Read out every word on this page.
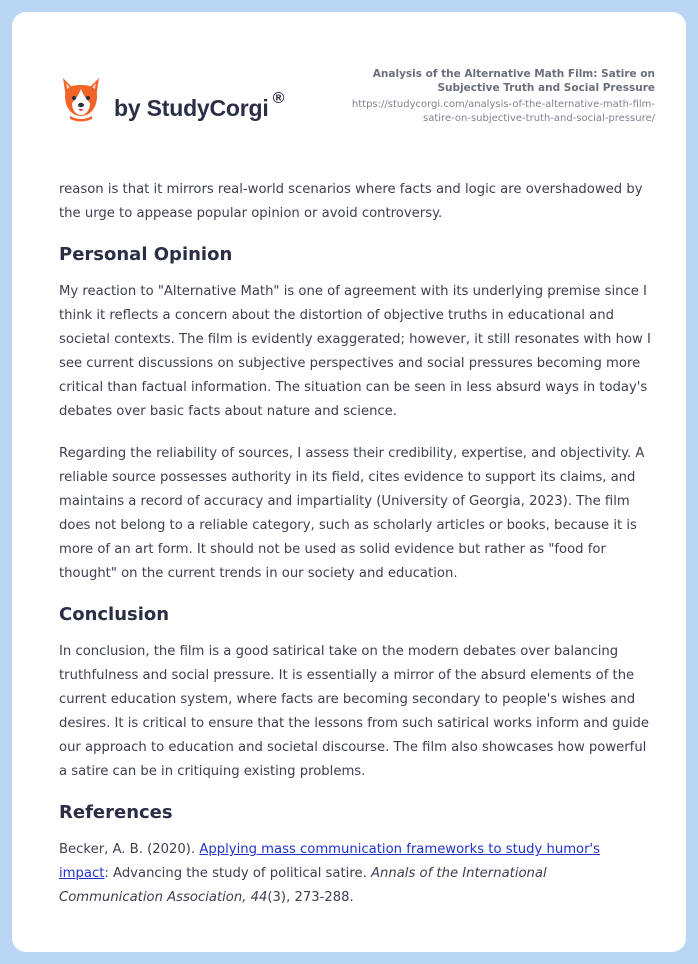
by StudyCorgi ®
Analysis of the Alternative Math Film: Satire on
Subjective Truth and Social Pressure
https://studycorgi.com/analysis-of-the-alternative-math-film-
satire-on-subjective-truth-and-social-pressure/

reason is that it mirrors real-world scenarios where facts and logic are overshadowed by the urge to appease popular opinion or avoid controversy.

Personal Opinion

My reaction to "Alternative Math" is one of agreement with its underlying premise since I think it reflects a concern about the distortion of objective truths in educational and societal contexts. The film is evidently exaggerated; however, it still resonates with how I see current discussions on subjective perspectives and social pressures becoming more critical than factual information. The situation can be seen in less absurd ways in today's debates over basic facts about nature and science.

Regarding the reliability of sources, I assess their credibility, expertise, and objectivity. A reliable source possesses authority in its field, cites evidence to support its claims, and maintains a record of accuracy and impartiality (University of Georgia, 2023). The film does not belong to a reliable category, such as scholarly articles or books, because it is more of an art form. It should not be used as solid evidence but rather as "food for thought" on the current trends in our society and education.

Conclusion

In conclusion, the film is a good satirical take on the modern debates over balancing truthfulness and social pressure. It is essentially a mirror of the absurd elements of the current education system, where facts are becoming secondary to people's wishes and desires. It is critical to ensure that the lessons from such satirical works inform and guide our approach to education and societal discourse. The film also showcases how powerful a satire can be in critiquing existing problems.

References

Becker, A. B. (2020). Applying mass communication frameworks to study humor's impact: Advancing the study of political satire. Annals of the International Communication Association, 44(3), 273-288.
